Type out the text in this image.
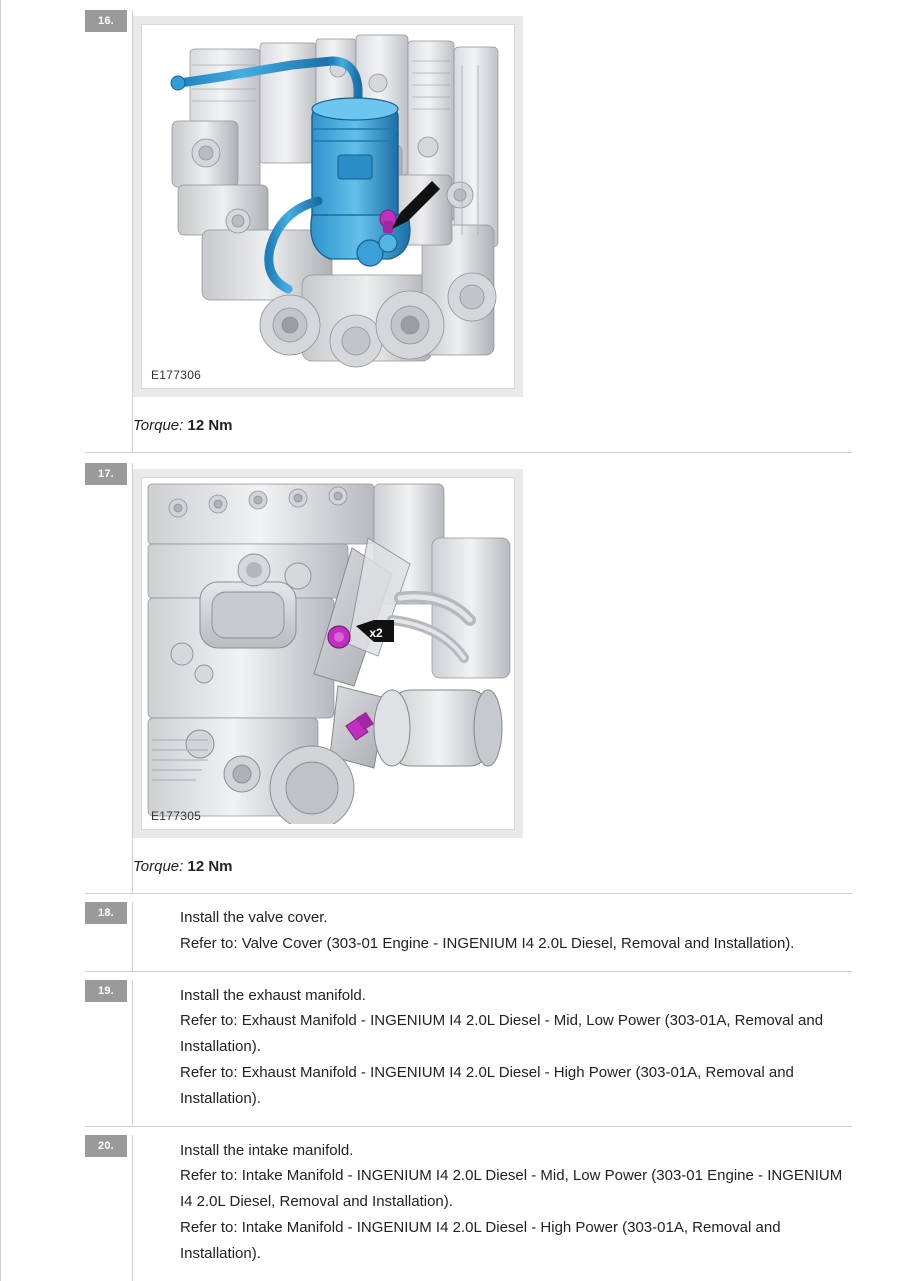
16.
E177306
Torque: 12 Nm
17.
x2
E177305
Torque: 12 Nm
18.	Install the valve cover.
Refer to: Valve Cover (303-01 Engine - INGENIUM I4 2.0L Diesel, Removal and Installation).
19.	Install the exhaust manifold.
Refer to: Exhaust Manifold - INGENIUM I4 2.0L Diesel - Mid, Low Power (303-01A, Removal and Installation).
Refer to: Exhaust Manifold - INGENIUM I4 2.0L Diesel - High Power (303-01A, Removal and Installation).
20.	Install the intake manifold.
Refer to: Intake Manifold - INGENIUM I4 2.0L Diesel - Mid, Low Power (303-01 Engine - INGENIUM I4 2.0L Diesel, Removal and Installation).
Refer to: Intake Manifold - INGENIUM I4 2.0L Diesel - High Power (303-01A, Removal and Installation).
